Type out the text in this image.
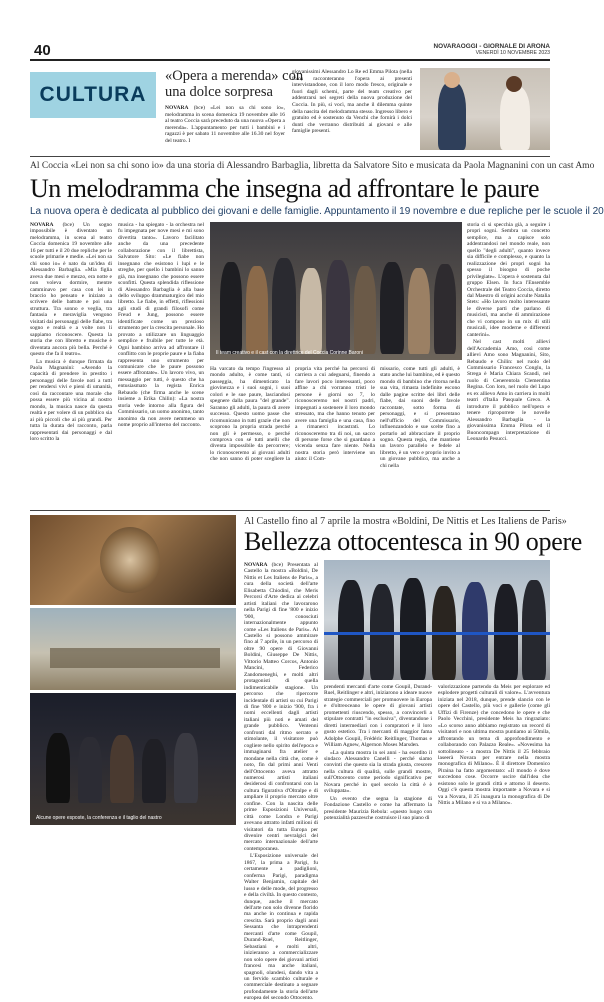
40	NOVARAOGGI - GIORNALE DI ARONA
VENERDÌ 10 NOVEMBRE 2023
CULTURA
«Opera a merenda» con una dolce sorpresa
NOVARA (bce) «Lei non sa chi sono io», melodramma in scena domenica 19 novembre alle 16 al teatro Coccia sarà preceduto da una nuova «Opera a merenda». L'appuntamento per tutti i bambini e i ragazzi è per sabato 11 novembre alle 16.30 nel foyer del teatro. I
giovanissimi Alessandro Lo Re ed Emma Pilota (nella foto) racconteranno l'opera ai presenti intervistandone, con il loro modo fresco, originale e fuori dagli schemi, parte del team creativo per addentrarsi nei segreti della nuova produzione del Coccia. In più, si vocì, ma anche il dilemma quinte della nascita del melodramma stesso. Ingresso libero e gratuito ed è sostenuto da Venchi che fornirà i dolci dunti che verranno distribuiti ai giovani e alle famiglie presenti.
Al Coccia «Lei non sa chi sono io» da una storia di Alessandro Barbaglia, libretta da Salvatore Sito e musicata da Paola Magnanini con un cast Amo
Un melodramma che insegna ad affrontare le paure
La nuova opera è dedicata al pubblico dei giovani e delle famiglie. Appuntamento il 19 novembre e due repliche per le scuole il 20

NOVARA (bce) Un sogno impossibile è diventato un melodramma, in scena al teatro Coccia domenica 19 novembre alle 16 per tutti e il 20 due repliche per le scuole primarie e medie. «Lei non sa chi sono io» è nato da un'idea di Alessandro Barbaglia. «Mia figlia aveva due mesi e mezzo, era notte e non voleva dormire, mentre camminavo per casa con lei in braccio ho pensato e iniziato a scrivere delle battute e poi una struttura. Tra sonno e veglia, tra fantasia e meraviglia vengono visitati dai personaggi delle fiabe, tra sogno e realtà e a volte non li sappiamo riconoscere. Questa la storia che con libretto e musiche è diventata ancora più bella. Perché è questo che fa il teatro».

La musica è dunque firmata da Paola Magnanini: «Avendo la capacità di prendere in prestito i personaggi delle favole noti a tutti per rendersi vivi e pieni di umanità, così da raccontare una morale che possa essere più vicina al nostro mondo, la musica nasce da questa realtà e per volere di un pubblico sia ai più piccoli che ai più grandi. Per tutta la durata del racconto, parla rappresentati dai personaggi e dal loro scritto la

musica - ha spiegato - la orchestra nel fu impegnata per nove mesi e mi sono divertita tanto». Lavoro facilitato anche da una precedente collaborazione con il librettista, Salvatore Sito: «Le fiabe non insegnano che esistono i lupi e le streghe, per quello i bambini lo sanno già, ma insegnano che possono essere sconfitti. Questa splendida riflessione di Alessandro Barbaglia è alla base dello sviluppo drammaturgico del mio libretto. Le fiabe, in effetti, riflessioni agli studi di grandi filosofi come Freud e Jung, possono essere identificate come un prezioso strumento per la crescita personale. Ho provato a utilizzare un linguaggio semplice e fruibile per tutte le età. Ogni bambino arriva ad affrontare il conflitto con le proprie paure e la fiaba rappresenta uno strumento per comunicare che le paure possono essere affrontate». Un lavoro vivo, un messaggio per tutti, è questo che ha entusiasmato la regista Enrica Rebaudo (che firma anche le scene insieme a Erika Chilin): «La nostra storia vede intorno alla figura del Commissario, un uomo anonimo, tanto anonimo da non avere nemmeno un nome proprio all'interno del racconto.
Il team creativo e il cast con la direttrice del Coccia Corinne Baroni
Ha varcato da tempo l'ingresso al mondo adulto, è come tanti, si passeggia, ha dimenticato la giovinezza e i suoi sogni, i suoi colori e le sue paure, lasciandosi spegnere dalla paura "del grande". Saranno gli adulti, la paura di avere successo. Questo uomo passe che ricomunicano in tutti grazie che non scoprono la propria strada perché non gli è permesso, o perché comprova con sé tutti anelli che diventa impossibile da percorrere; lo riconosceremo ai giovani adulti che non sanno di poter scegliere la propria vita perché ha percorsi di carriera a cui adeguarsi, finendo a fare lavori poco interessanti, poco affine a chi vorranno tristi le persone è giorni so 7, lo riconosceremo nei nostri padri, impegnati a sostenere il loro mondo stressato, ma che hanno tenuto per avere una famiglia e una casa, fino a rimanerci incastrati. Lo riconosceremo tra di noi, un sacco di persone forse che si guardano a vicenda senza fare niente. Nella nostra storia però interviene un aiuto: il Com-
missario, come tutti gli adulti, è stato anche lui bambino, ed è questo mondo di bambino che ritorna nella sua vita, rimasta indefinite escono dalle pagine scritte dei libri delle fiabe, dai suoni delle favole raccontate, sotto forma di personaggi, e si presentano nell'ufficio del Commissario, influenzandolo e sue scelte fino a portarlo ad abbracciare il proprio sogno. Questa regia, che mantiene un lavoro parallelo e fedele al libretto, è un vero e proprio invito a un giovane pubblico, ma anche a chi nella

storia ci si specchia già, a seguire i propri sogni. Sembra un concetto semplice, ma a capisce solo addentrandosi nel mondo reale, non quello "degli adulti", quanto invece sia difficile e complesso, e quanto la realizzazione dei propri sogni ha spesso il bisogno di poche privilegiate». L'opera è sostenuta dal gruppo Elsen. In fuca l'Ensemble Orchestrale del Teatro Coccia, diretto dal Maestro di origini acculte Natalia Stets: «Ho lavoro molto interessante le diverse parti che parlano di musicisti, ma anche di ammirazione che vi compone in un mix di stili musicali, idee moderne e differenti canterini».

Nel cast molti allievi dell'Accademia Amo, così come allievi Amo sono Magnanini, Sito, Rebaudo e Chilin: nel ruolo del Commissario Francesco Conglu, la Strega è Maria Chiara Scandi, nel ruolo di Cenerentola Clementina Regina. Con loro, nel ruolo del Lupo ex ex allievo Amo in carriera in molti teatri d'Italia Pasquale Greco. A introdurre il pubblico nell'opera e tenere riproporrete le novelle Alessandro Barbaglia - la giovanissima Emma Pilota ed il Buoncompagn interpretazione di Leonardo Pesucci.

Al Castello fino al 7 aprile la mostra «Boldini, De Nittis et Les Italiens de Paris»
Bellezza ottocentesca in 90 opere
Alcune opere esposte, la conferenza e il taglio del nastro

NOVARA (bce) Presentata al Castello la mostra «Boldini, De Nittis et Les Italiens de Paris», a cura della società dell'arte Elisabetta Chiodini, che Meris Percorsi d'Arte dedica ai celebri artisti italiani che lavorarono nella Parigi di fine '800 e inizio '900, conosciuti internazionalmente appunto come «Les Italiens de Paris». Al Castello si possono ammirare fino al 7 aprile, in un percorso di oltre 90 opere di Giovanni Boldini, Giuseppe De Nittis, Vittorio Matteo Corcos, Antonio Mancini, Federico Zandomeneghi, e molti altri protagonisti di quella indimenticabile stagione. Un percorso che ripercorre incidentale di artisti su cui Parigi di fine '800 e inizio '900, fra i nomi eccellenti dagli artisti italiani più noti e amati del grande pubblico. Ventenni confronti dal ritmo serrato e stimolante, il visitatore può cogliere nello spirito dell'epoca e immaginarsi fra atelier e mondane nella città che, come è noto, fin dal primi anni Venti dell'Ottocento aveva attratto numerosi artisti italiani desiderosi di confrontarsi con la cultura figurativa d'Oltralpe e di ampliare il proprio mercato oltre confine. Con la nascita delle prime Esposizioni Universali, città come Londra e Parigi avevano attratto infatti milioni di visitatori da tutta Europa per divenire centri nevralgici del mercato internazionale dell'arte contemporanea.

L'Esposizione universale del 1867, la prima a Parigi, fu certamente a padiglioni, conferma Parigi, paradigma Walter Benjamin, capitale del lusso e delle mode, del progresso e della civiltà. In questo contesto, dunque, anche il mercato dell'arte non solo divenne florido ma anche in continua e rapida crescita. Sarà proprio dagli anni Sessanta che intraprendenti mercanti d'arte come Goupil, Durand-Ruel, Reitlinger, Sebastiani e molti altri, inizieranno a commercializzare non solo opere dei giovani artisti francesi ma anche italiani, spagnoli, olandesi, dando vita a un fervido scambio culturale e commerciale destinato a segnare profondamente la storia dell'arte europea del secondo Ottocento.

prendenti mercanti d'arte come Goupil, Durand-Ruel, Reitlinger e altri, iniziarono a ideare nuove strategie commerciali per promuovere in Europa e d'oltreoceano le opere di giovani artisti promettenti riuscendo, spesso, a convincerli a stipulare contratti "in esclusiva", diventandone i diretti intermediari con i compratori e il loro gusto estetico. Tra i mercanti di maggior fama Adolphe Goupil, Frédéric Reitlinger, Thomas e William Agnew, Algernon Moses Marsden.

«La quinta mostra in sei anni - ha esordito il sindaco Alessandro Canelli - perché siamo convinti che questo sia la strada giusta, crescere nella cultura di qualità, sulle grandi mostre, sull'Ottocento come periodo significativo per Novara perché in quel secolo la città è è sviluppata».

Un evento che segna la stagione di Fondazione Castello e come ha affermato la presidente Maurizia Rebola: «questo luogo con potenzialità pazzesche costruisce il suo piano di

valorizzazione partendo da Meis per esplorare ed esplodere progetti culturali di valore». L'avventura iniziata nel 2018, dunque, prende slancio con le opere del Castello, più voci e gallerie (come gli Uffizi di Firenze) che concedono le opere e che Paolo Vecchini, presidente Meis ha ringraziato: «Lo scorso anno abbiamo registrato un record di visitatori e non ultima mostra puntiamo ai 50mila, affrontando un tema di approfondimento e collaborando con Palazzo Reale». «Novesima ha sottolineato - a mostra De Nittis il 25 febbraio laseerà Novara per entrare nella mostra monografica di Milano». È il direttore Domenico Piraina ha fatto argomentato: «Il mondo è dove succedono cose. Occorre uscire dall'idea che esistono solo le grandi città e attorno il deserto. Oggi c'è questa mostra importante a Novara e si va a Novara, il 25 inaugura la monografica di De Nittis a Milano e si va a Milano».
